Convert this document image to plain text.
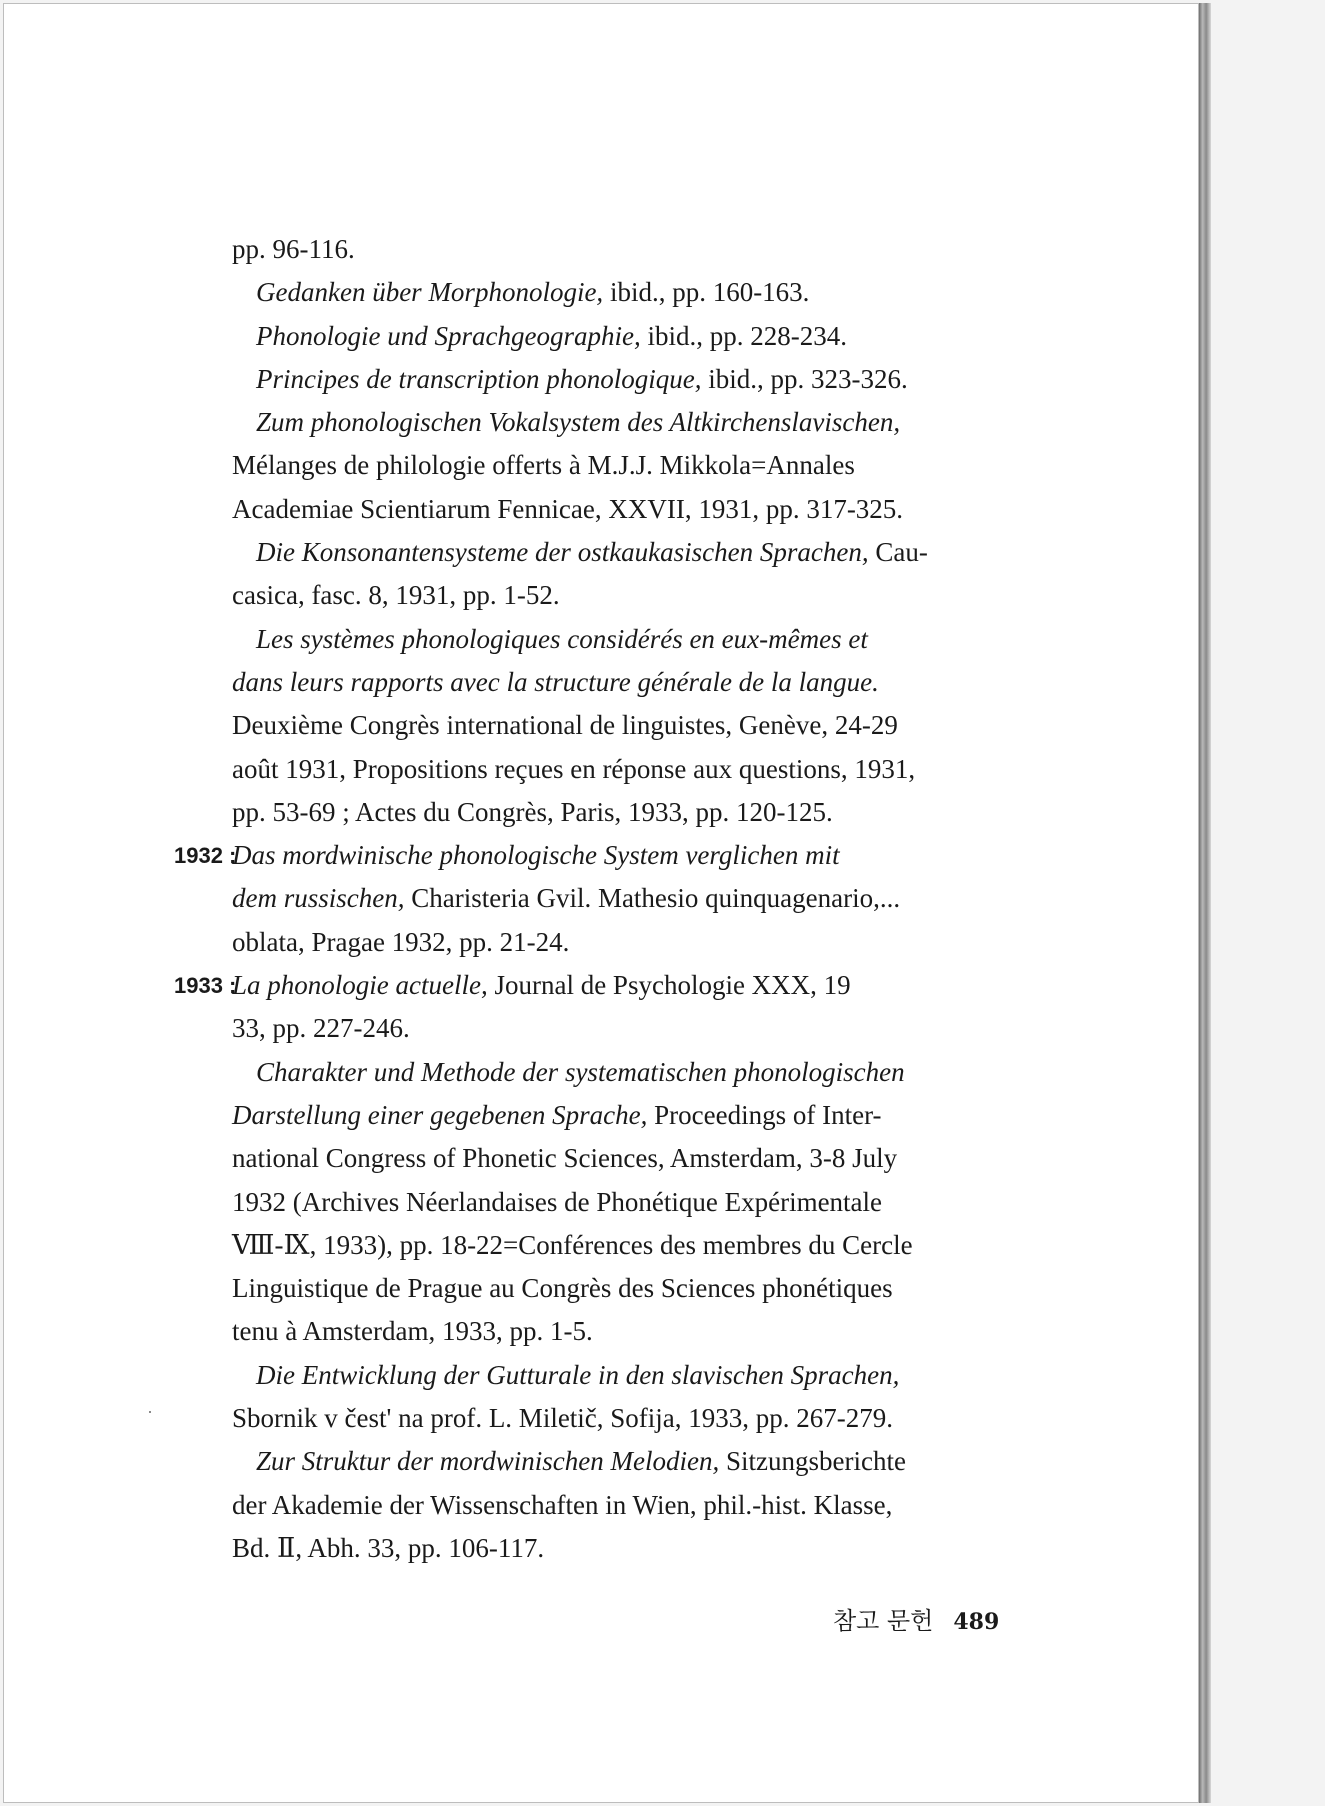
pp. 96-116.
Gedanken über Morphonologie, ibid., pp. 160-163.
Phonologie und Sprachgeographie, ibid., pp. 228-234.
Principes de transcription phonologique, ibid., pp. 323-326.
Zum phonologischen Vokalsystem des Altkirchenslavischen,
Mélanges de philologie offerts à M.J.J. Mikkola=Annales
Academiae Scientiarum Fennicae, XXVII, 1931, pp. 317-325.
Die Konsonantensysteme der ostkaukasischen Sprachen, Cau-
casica, fasc. 8, 1931, pp. 1-52.
Les systèmes phonologiques considérés en eux-mêmes et
dans leurs rapports avec la structure générale de la langue.
Deuxième Congrès international de linguistes, Genève, 24-29
août 1931, Propositions reçues en réponse aux questions, 1931,
pp. 53-69 ; Actes du Congrès, Paris, 1933, pp. 120-125.
1932 :
Das mordwinische phonologische System verglichen mit
dem russischen, Charisteria Gvil. Mathesio quinquagenario,...
oblata, Pragae 1932, pp. 21-24.
1933 :
La phonologie actuelle, Journal de Psychologie XXX, 19
33, pp. 227-246.
Charakter und Methode der systematischen phonologischen
Darstellung einer gegebenen Sprache, Proceedings of Inter-
national Congress of Phonetic Sciences, Amsterdam, 3-8 July
1932 (Archives Néerlandaises de Phonétique Expérimentale
Ⅷ-Ⅸ, 1933), pp. 18-22=Conférences des membres du Cercle
Linguistique de Prague au Congrès des Sciences phonétiques
tenu à Amsterdam, 1933, pp. 1-5.
Die Entwicklung der Gutturale in den slavischen Sprachen,
Sbornik v čest' na prof. L. Miletič, Sofija, 1933, pp. 267-279.
Zur Struktur der mordwinischen Melodien, Sitzungsberichte
der Akademie der Wissenschaften in Wien, phil.-hist. Klasse,
Bd. Ⅱ, Abh. 33, pp. 106-117.
참고 문헌 489
